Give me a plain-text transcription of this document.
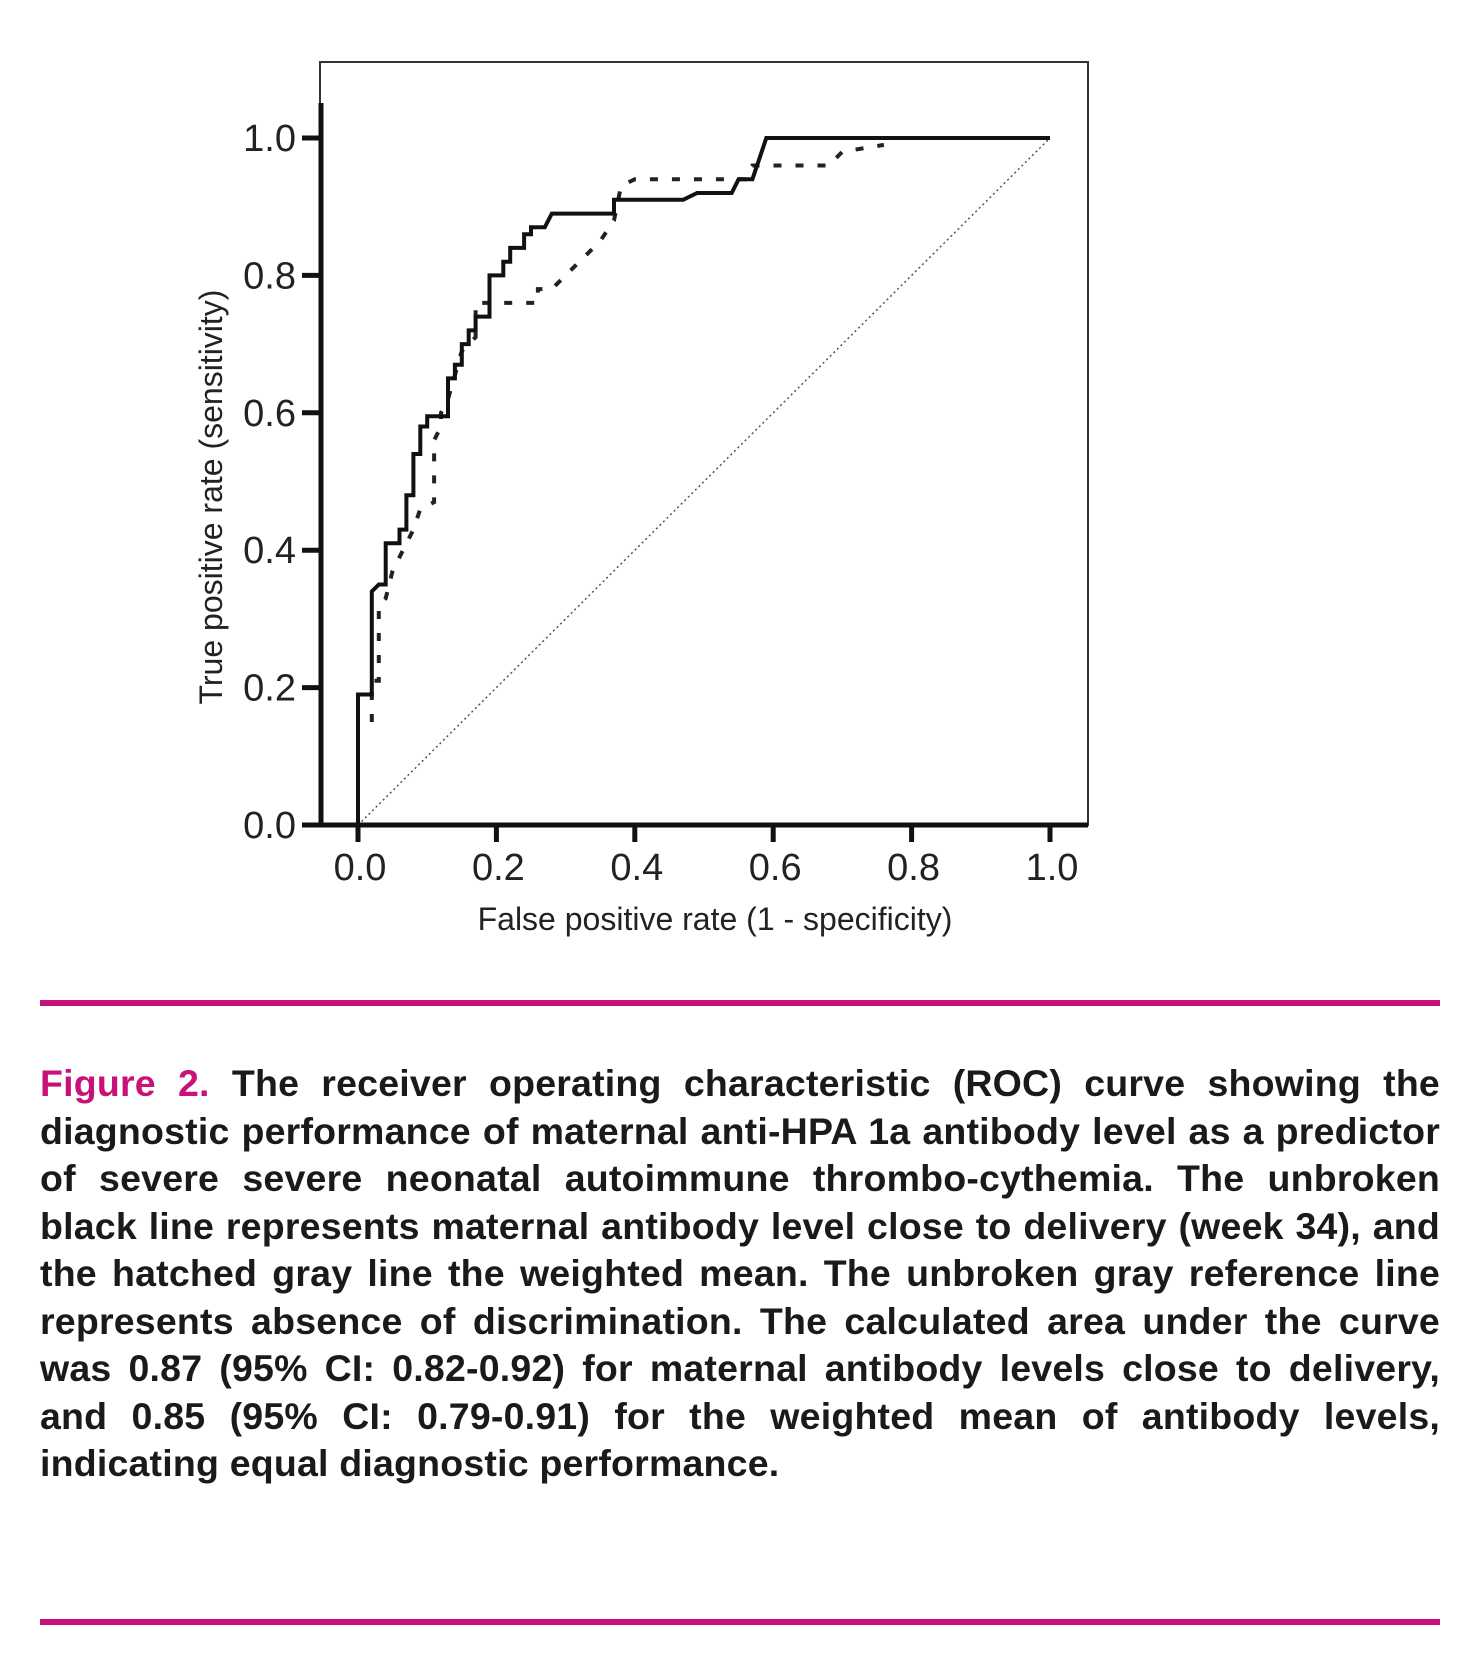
0.0
0.2
0.4
0.6
0.8
1.0
0.0 0.2 0.4 0.6 0.8 1.0
False positive rate (1 - specificity)
True positive rate (sensitivity)
Figure 2. The receiver operating characteristic (ROC) curve showing the diagnostic performance of maternal anti-HPA 1a antibody level as a predictor of severe severe neonatal autoimmune thrombo-cythemia. The unbroken black line represents maternal antibody level close to delivery (week 34), and the hatched gray line the weighted mean. The unbroken gray reference line represents absence of discrimination. The calculated area under the curve was 0.87 (95% CI: 0.82-0.92) for maternal antibody levels close to delivery, and 0.85 (95% CI: 0.79-0.91) for the weighted mean of antibody levels, indicating equal diagnostic performance.
